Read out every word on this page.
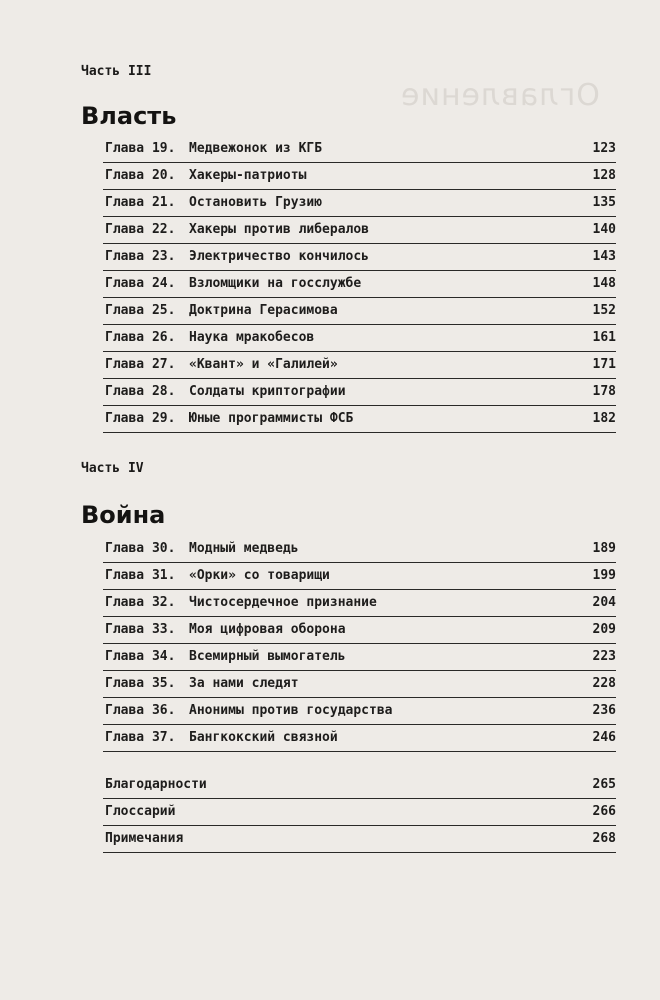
Оглавление
Часть III
Власть
Глава 19. Медвежонок из КГБ	123
Глава 20. Хакеры-патриоты	128
Глава 21. Остановить Грузию	135
Глава 22. Хакеры против либералов	140
Глава 23. Электричество кончилось	143
Глава 24. Взломщики на госслужбе	148
Глава 25. Доктрина Герасимова	152
Глава 26. Наука мракобесов	161
Глава 27. «Квант» и «Галилей»	171
Глава 28. Солдаты криптографии	178
Глава 29. Юные программисты ФСБ	182
Часть IV
Война
Глава 30. Модный медведь	189
Глава 31. «Орки» со товарищи	199
Глава 32. Чистосердечное признание	204
Глава 33. Моя цифровая оборона	209
Глава 34. Всемирный вымогатель	223
Глава 35. За нами следят	228
Глава 36. Анонимы против государства	236
Глава 37. Бангкокский связной	246
Благодарности	265
Глоссарий	266
Примечания	268
